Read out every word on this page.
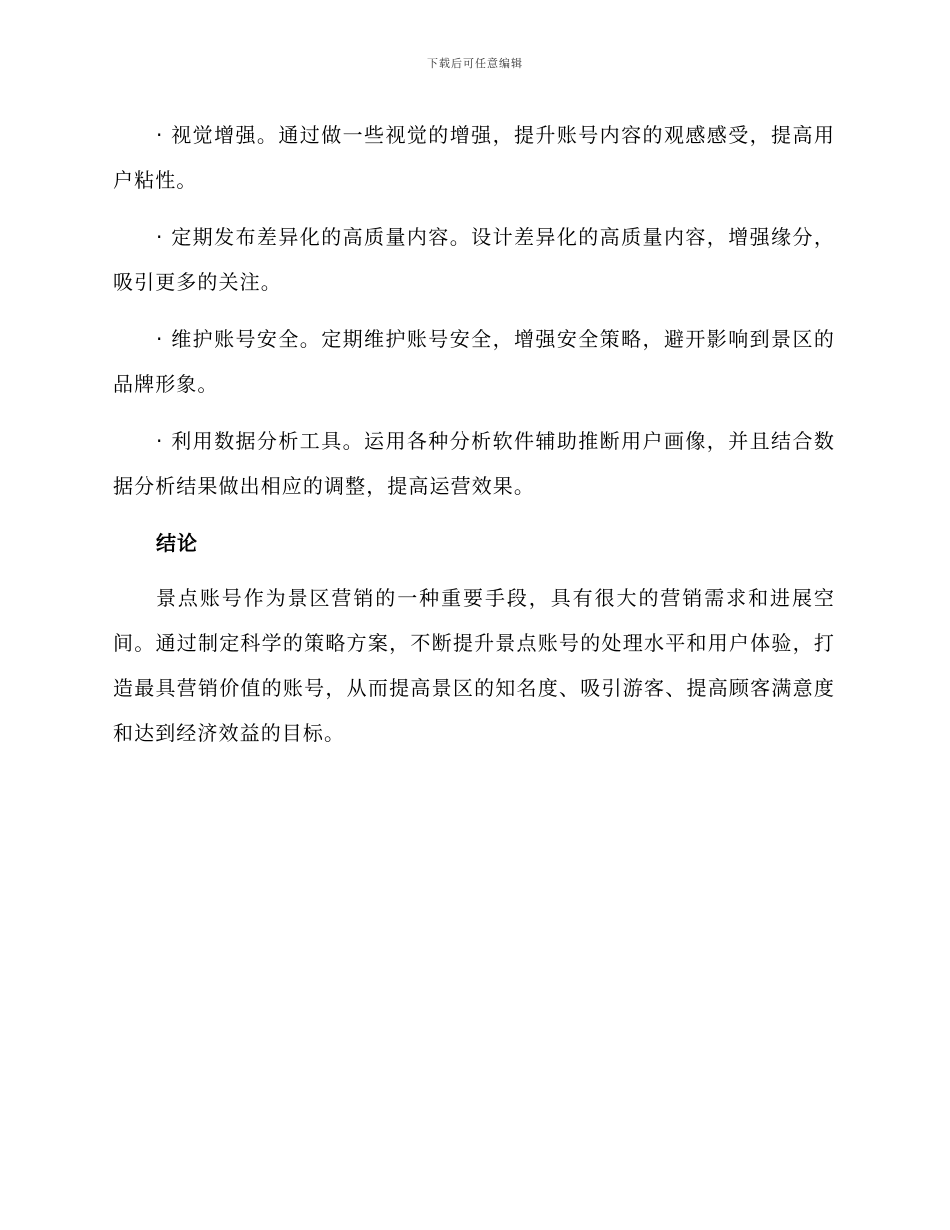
下载后可任意编辑

· 视觉增强。通过做一些视觉的增强，提升账号内容的观感感受，提高用户粘性。

· 定期发布差异化的高质量内容。设计差异化的高质量内容，增强缘分，吸引更多的关注。

· 维护账号安全。定期维护账号安全，增强安全策略，避开影响到景区的品牌形象。

· 利用数据分析工具。运用各种分析软件辅助推断用户画像，并且结合数据分析结果做出相应的调整，提高运营效果。

结论

景点账号作为景区营销的一种重要手段，具有很大的营销需求和进展空间。通过制定科学的策略方案，不断提升景点账号的处理水平和用户体验，打造最具营销价值的账号，从而提高景区的知名度、吸引游客、提高顾客满意度和达到经济效益的目标。
